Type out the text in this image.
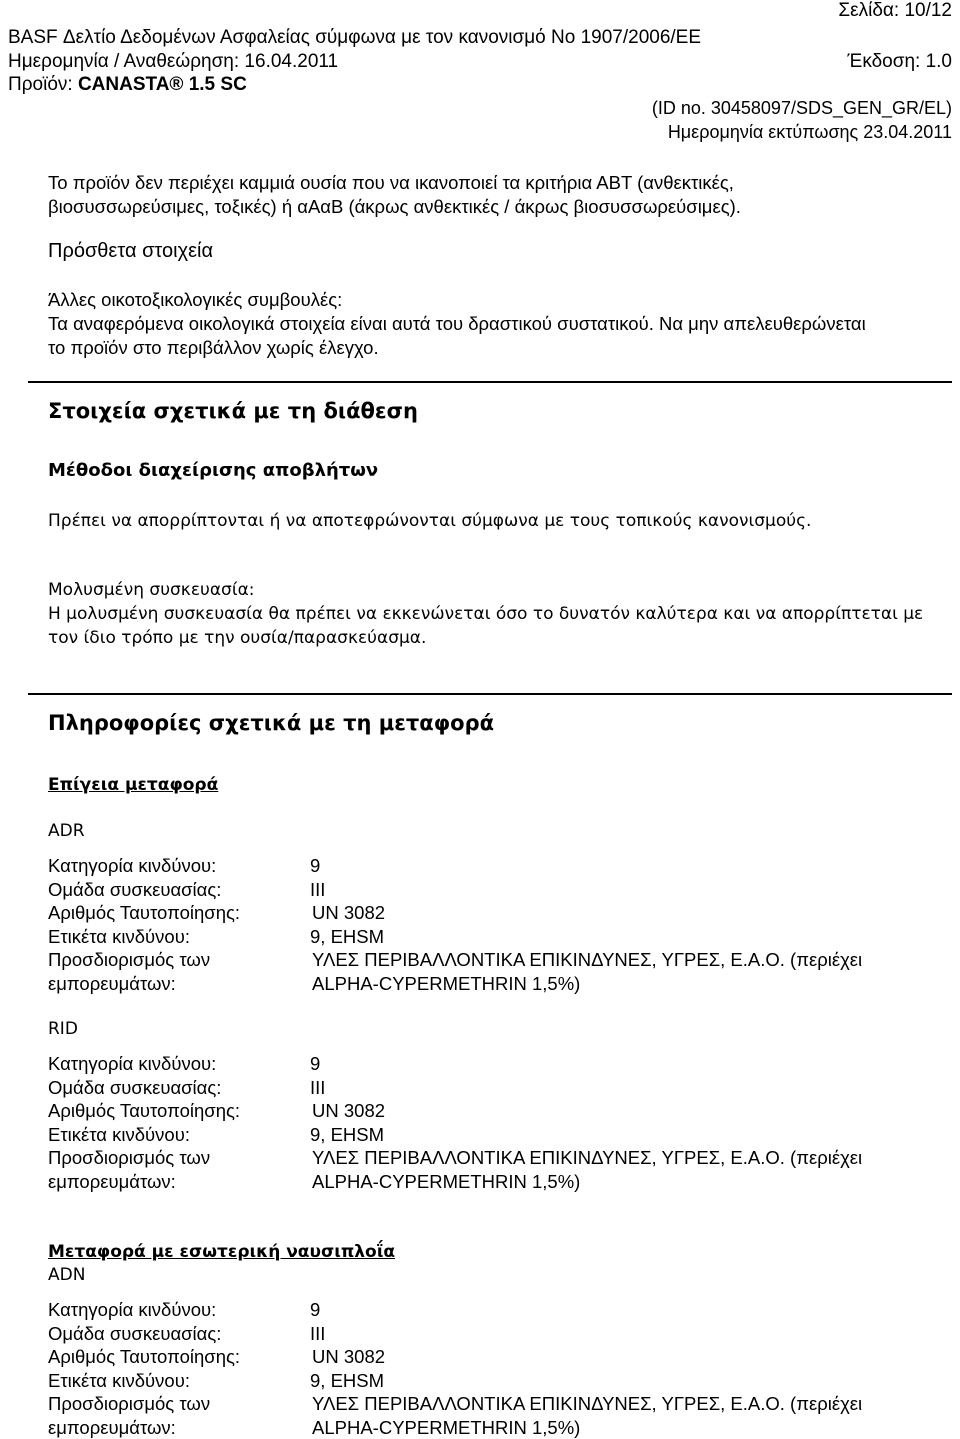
Σελίδα: 10/12
BASF Δελτίο Δεδομένων Ασφαλείας σύμφωνα με τον κανονισμό Νο 1907/2006/ΕΕ
Ημερομηνία / Αναθεώρηση: 16.04.2011	Έκδοση: 1.0
Προϊόν: CANASTA® 1.5 SC
(ID no. 30458097/SDS_GEN_GR/EL)
Ημερομηνία εκτύπωσης 23.04.2011
Το προϊόν δεν περιέχει καμμιά ουσία που να ικανοποιεί τα κριτήρια ΑΒΤ (ανθεκτικές,
βιοσυσσωρεύσιμες, τοξικές) ή αΑαΒ (άκρως ανθεκτικές / άκρως βιοσυσσωρεύσιμες).
Πρόσθετα στοιχεία
Άλλες οικοτοξικολογικές συμβουλές:
Τα αναφερόμενα οικολογικά στοιχεία είναι αυτά του δραστικού συστατικού. Να μην απελευθερώνεται
το προϊόν στο περιβάλλον χωρίς έλεγχο.
Στοιχεία σχετικά με τη διάθεση
Μέθοδοι διαχείρισης αποβλήτων
Πρέπει να απορρίπτονται ή να αποτεφρώνονται σύμφωνα με τους τοπικούς κανονισμούς.
Μολυσμένη συσκευασία:
Η μολυσμένη συσκευασία θα πρέπει να εκκενώνεται όσο το δυνατόν καλύτερα και να απορρίπτεται με
τον ίδιο τρόπο με την ουσία/παρασκεύασμα.
Πληροφορίες σχετικά με τη μεταφορά
Επίγεια μεταφορά
ADR
Κατηγορία κινδύνου:	9
Ομάδα συσκευασίας:	III
Αριθμός Ταυτοποίησης:	UN 3082
Ετικέτα κινδύνου:	9, EHSM
Προσδιορισμός των	ΥΛΕΣ ΠΕΡΙΒΑΛΛΟΝΤΙΚΑ ΕΠΙΚΙΝΔΥΝΕΣ, ΥΓΡΕΣ, Ε.Α.Ο. (περιέχει
εμπορευμάτων:	ALPHA-CYPERMETHRIN 1,5%)
RID
Κατηγορία κινδύνου:	9
Ομάδα συσκευασίας:	III
Αριθμός Ταυτοποίησης:	UN 3082
Ετικέτα κινδύνου:	9, EHSM
Προσδιορισμός των	ΥΛΕΣ ΠΕΡΙΒΑΛΛΟΝΤΙΚΑ ΕΠΙΚΙΝΔΥΝΕΣ, ΥΓΡΕΣ, Ε.Α.Ο. (περιέχει
εμπορευμάτων:	ALPHA-CYPERMETHRIN 1,5%)
Μεταφορά με εσωτερική ναυσιπλοΐα
ADN
Κατηγορία κινδύνου:	9
Ομάδα συσκευασίας:	III
Αριθμός Ταυτοποίησης:	UN 3082
Ετικέτα κινδύνου:	9, EHSM
Προσδιορισμός των	ΥΛΕΣ ΠΕΡΙΒΑΛΛΟΝΤΙΚΑ ΕΠΙΚΙΝΔΥΝΕΣ, ΥΓΡΕΣ, Ε.Α.Ο. (περιέχει
εμπορευμάτων:	ALPHA-CYPERMETHRIN 1,5%)
